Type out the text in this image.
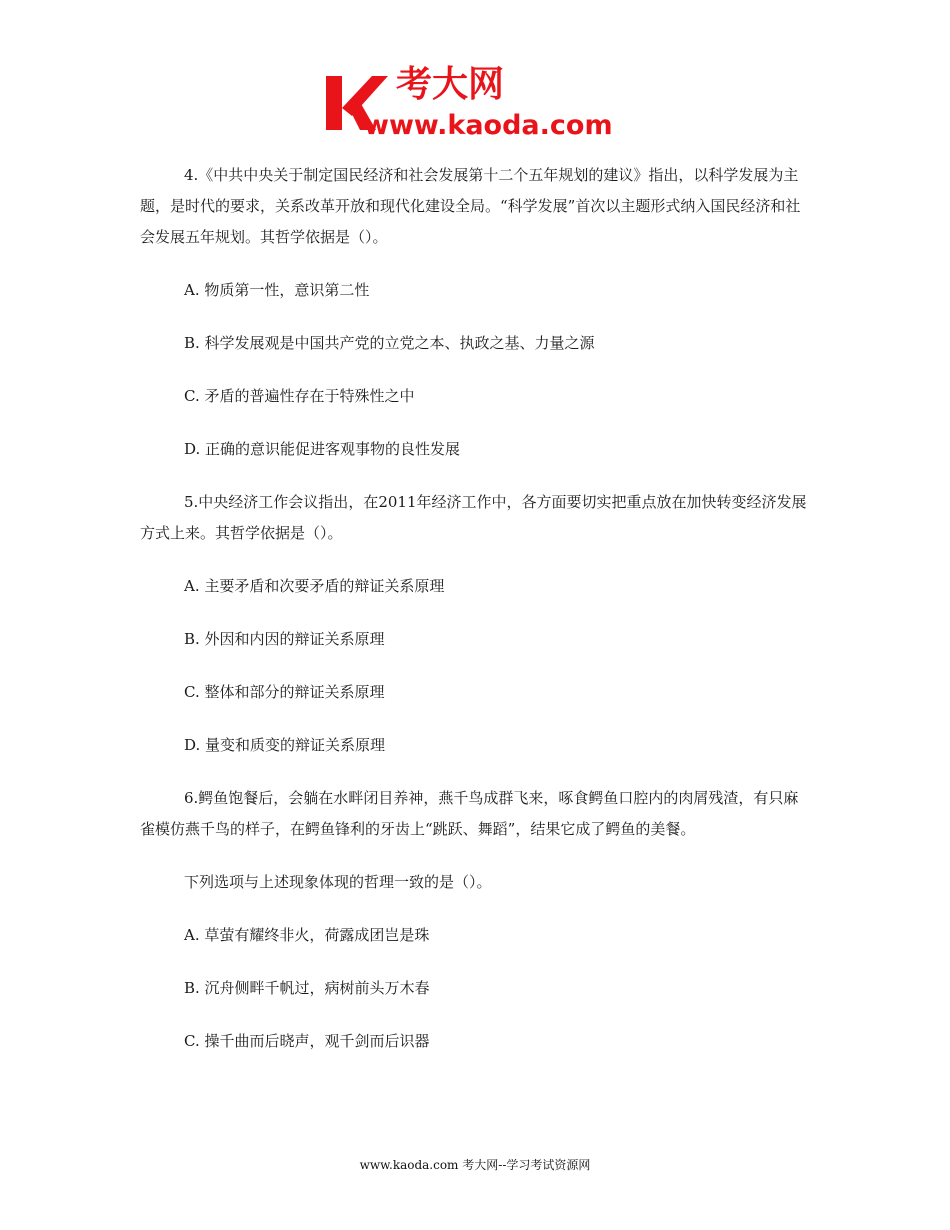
考大网
www.kaoda.com

4.《中共中央关于制定国民经济和社会发展第十二个五年规划的建议》指出，以科学发展为主题，是时代的要求，关系改革开放和现代化建设全局。“科学发展”首次以主题形式纳入国民经济和社会发展五年规划。其哲学依据是（）。

A. 物质第一性，意识第二性

B. 科学发展观是中国共产党的立党之本、执政之基、力量之源

C. 矛盾的普遍性存在于特殊性之中

D. 正确的意识能促进客观事物的良性发展

5.中央经济工作会议指出，在2011年经济工作中，各方面要切实把重点放在加快转变经济发展方式上来。其哲学依据是（）。

A. 主要矛盾和次要矛盾的辩证关系原理

B. 外因和内因的辩证关系原理

C. 整体和部分的辩证关系原理

D. 量变和质变的辩证关系原理

6.鳄鱼饱餐后，会躺在水畔闭目养神，燕千鸟成群飞来，啄食鳄鱼口腔内的肉屑残渣，有只麻雀模仿燕千鸟的样子，在鳄鱼锋利的牙齿上“跳跃、舞蹈”，结果它成了鳄鱼的美餐。

下列选项与上述现象体现的哲理一致的是（）。

A. 草萤有耀终非火，荷露成团岂是珠

B. 沉舟侧畔千帆过，病树前头万木春

C. 操千曲而后晓声，观千剑而后识器

www.kaoda.com 考大网--学习考试资源网
